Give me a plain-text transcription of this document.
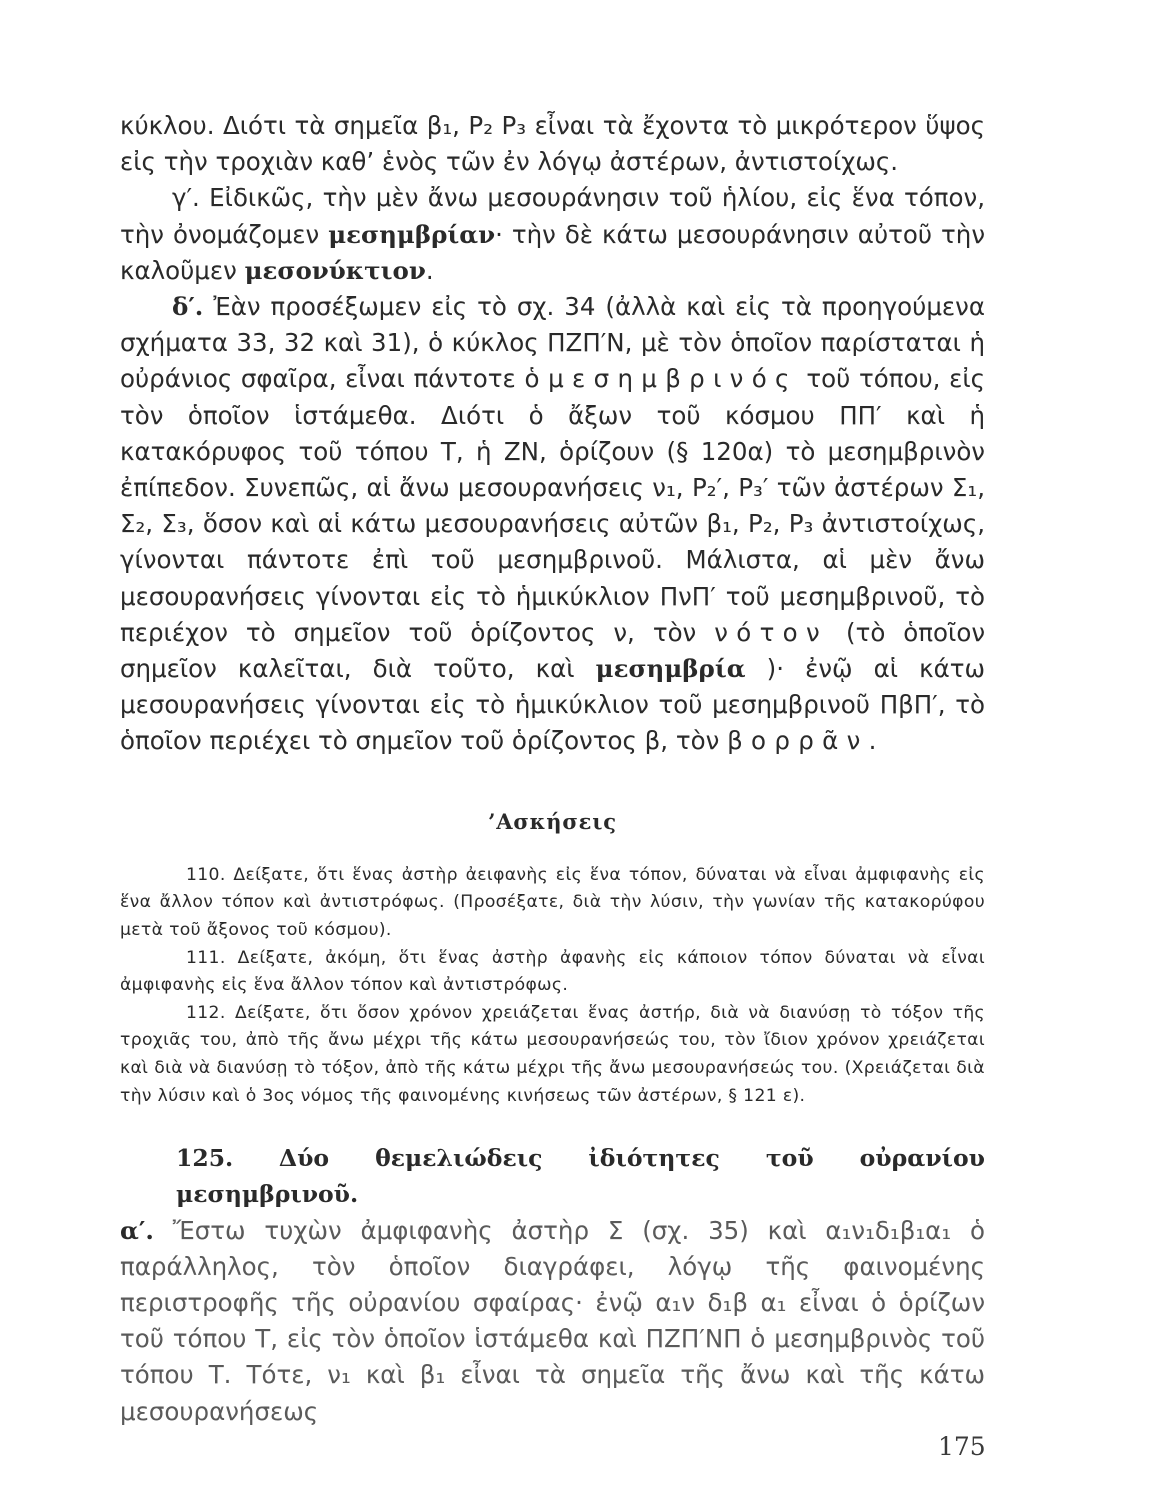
κύκλου. Διότι τὰ σημεῖα β₁, P₂ P₃ εἶναι τὰ ἔχοντα τὸ μικρότερον ὕψος εἰς τὴν τροχιὰν καθ’ ἑνὸς τῶν ἐν λόγῳ ἀστέρων, ἀντιστοίχως.

γ′. Εἰδικῶς, τὴν μὲν ἄνω μεσουράνησιν τοῦ ἡλίου, εἰς ἕνα τόπον, τὴν ὀνομάζομεν μεσημβρίαν· τὴν δὲ κάτω μεσουράνησιν αὐτοῦ τὴν καλοῦμεν μεσονύκτιον.

δ′. Ἐὰν προσέξωμεν εἰς τὸ σχ. 34 (ἀλλὰ καὶ εἰς τὰ προηγούμενα σχήματα 33, 32 καὶ 31), ὁ κύκλος ΠΖΠ′Ν, μὲ τὸν ὁποῖον παρίσταται ἡ οὐράνιος σφαῖρα, εἶναι πάντοτε ὁ μεσημβρινός τοῦ τόπου, εἰς τὸν ὁποῖον ἱστάμεθα. Διότι ὁ ἄξων τοῦ κόσμου ΠΠ′ καὶ ἡ κατακόρυφος τοῦ τόπου Τ, ἡ ΖΝ, ὁρίζουν (§ 120α) τὸ μεσημβρινὸν ἐπίπεδον. Συνεπῶς, αἱ ἄνω μεσουρανήσεις ν₁, P₂′, P₃′ τῶν ἀστέρων Σ₁, Σ₂, Σ₃, ὅσον καὶ αἱ κάτω μεσουρανήσεις αὐτῶν β₁, P₂, P₃ ἀντιστοίχως, γίνονται πάντοτε ἐπὶ τοῦ μεσημβρινοῦ. Μάλιστα, αἱ μὲν ἄνω μεσουρανήσεις γίνονται εἰς τὸ ἡμικύκλιον ΠνΠ′ τοῦ μεσημβρινοῦ, τὸ περιέχον τὸ σημεῖον τοῦ ὁρίζοντος ν, τὸν νότον (τὸ ὁποῖον σημεῖον καλεῖται, διὰ τοῦτο, καὶ μεσημβρία )· ἐνῷ αἱ κάτω μεσουρανήσεις γίνονται εἰς τὸ ἡμικύκλιον τοῦ μεσημβρινοῦ ΠβΠ′, τὸ ὁποῖον περιέχει τὸ σημεῖον τοῦ ὁρίζοντος β, τὸν βορρᾶν.

’Ασκήσεις

110. Δείξατε, ὅτι ἕνας ἀστὴρ ἀειφανὴς εἰς ἕνα τόπον, δύναται νὰ εἶναι ἀμφιφανὴς εἰς ἕνα ἄλλον τόπον καὶ ἀντιστρόφως. (Προσέξατε, διὰ τὴν λύσιν, τὴν γωνίαν τῆς κατακορύφου μετὰ τοῦ ἄξονος τοῦ κόσμου).

111. Δείξατε, ἀκόμη, ὅτι ἕνας ἀστὴρ ἀφανὴς εἰς κάποιον τόπον δύναται νὰ εἶναι ἀμφιφανὴς εἰς ἕνα ἄλλον τόπον καὶ ἀντιστρόφως.

112. Δείξατε, ὅτι ὅσον χρόνον χρειάζεται ἕνας ἀστήρ, διὰ νὰ διανύσῃ τὸ τόξον τῆς τροχιᾶς του, ἀπὸ τῆς ἄνω μέχρι τῆς κάτω μεσουρανήσεώς του, τὸν ἴδιον χρόνον χρειάζεται καὶ διὰ νὰ διανύσῃ τὸ τόξον, ἀπὸ τῆς κάτω μέχρι τῆς ἄνω μεσουρανήσεώς του. (Χρειάζεται διὰ τὴν λύσιν καὶ ὁ 3ος νόμος τῆς φαινομένης κινήσεως τῶν ἀστέρων, § 121 ε).

125. Δύο θεμελιώδεις ἰδιότητες τοῦ οὐρανίου μεσημβρινοῦ.

α′. Ἔστω τυχὼν ἀμφιφανὴς ἀστὴρ Σ (σχ. 35) καὶ α₁ν₁δ₁β₁α₁ ὁ παράλληλος, τὸν ὁποῖον διαγράφει, λόγῳ τῆς φαινομένης περιστροφῆς τῆς οὐρανίου σφαίρας· ἐνῷ α₁ν δ₁β α₁ εἶναι ὁ ὁρίζων τοῦ τόπου Τ, εἰς τὸν ὁποῖον ἱστάμεθα καὶ ΠΖΠ′ΝΠ ὁ μεσημβρινὸς τοῦ τόπου Τ. Τότε, ν₁ καὶ β₁ εἶναι τὰ σημεῖα τῆς ἄνω καὶ τῆς κάτω μεσουρανήσεως

175
